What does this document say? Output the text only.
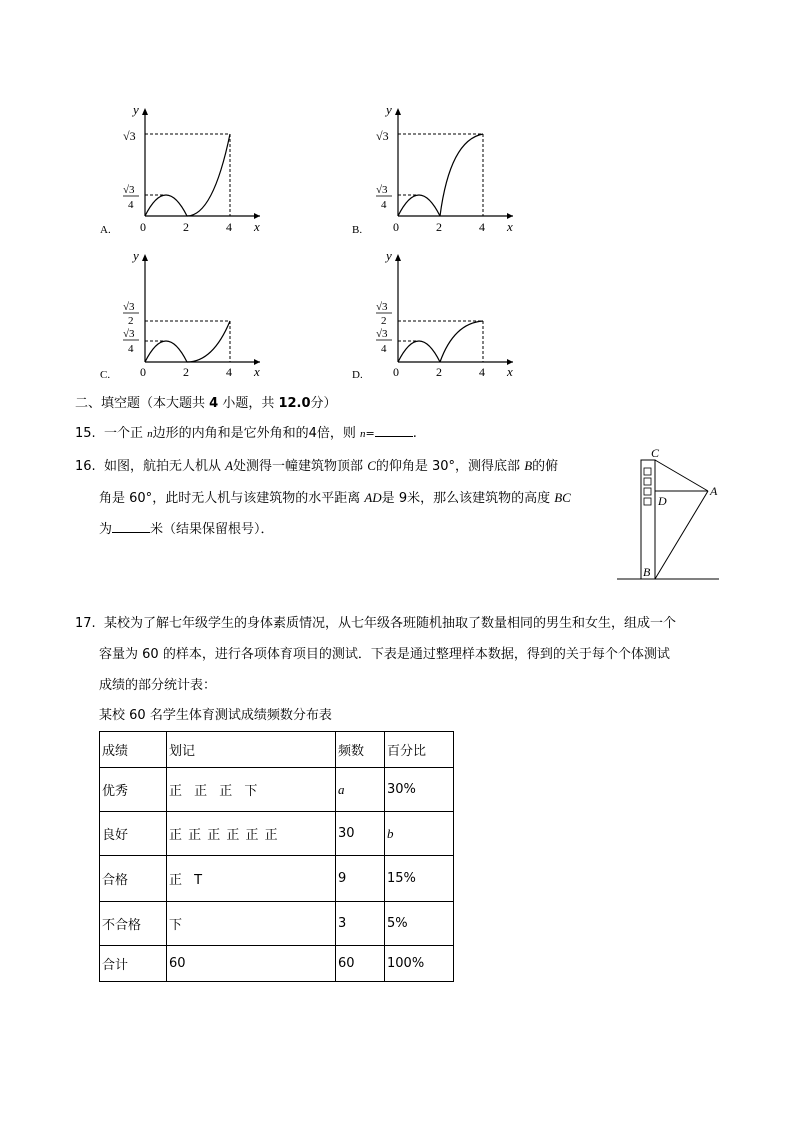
y
√3
√3
4
0	2	4 x
A.
y
√3
√3
4
0	2	4 x
B.
y
√3
2
√3
4
0	2	4 x
C.
y
√3
2
√3
4
0	2	4 x
D.
二、填空题（本大题共 4 小题，共 12.0分）
15. 一个正 n边形的内角和是它外角和的4倍，则 n=	.
16. 如图，航拍无人机从 A处测得一幢建筑物顶部 C的仰角是 30°，测得底部 B的俯
角是 60°，此时无人机与该建筑物的水平距离 AD是 9米，那么该建筑物的高度 BC
为	米（结果保留根号）．
C
D
A
B
17. 某校为了解七年级学生的身体素质情况，从七年级各班随机抽取了数量相同的男生和女生，组成一个
容量为 60 的样本，进行各项体育项目的测试．下表是通过整理样本数据，得到的关于每个个体测试
成绩的部分统计表：
某校 60 名学生体育测试成绩频数分布表
成绩	划记	频数	百分比
优秀	正 正 正 下	a	30%
良好	正 正 正 正 正 正	30	b
合格	正 T	9	15%
不合格	下	3	5%
合计	60	60	100%
